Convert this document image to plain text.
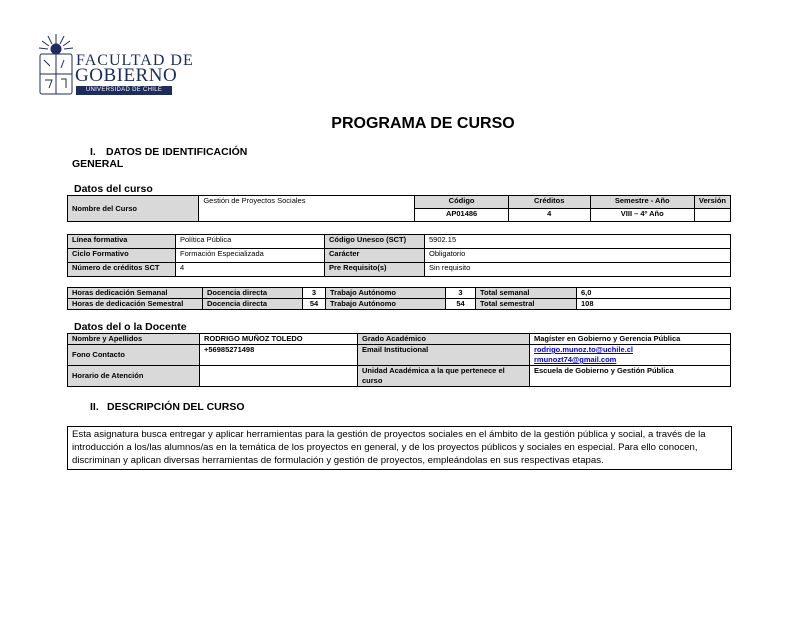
FACULTAD DE
GOBIERNO
UNIVERSIDAD DE CHILE
PROGRAMA DE CURSO
I. DATOS DE IDENTIFICACIÓN
GENERAL
Datos del curso
Nombre del Curso	Gestión de Proyectos Sociales	Código	Créditos	Semestre - Año	Versión
		AP01486	4	VIII – 4º Año	
Línea formativa	Política Pública	Código Unesco (SCT)	5902.15
Ciclo Formativo	Formación Especializada	Carácter	Obligatorio
Número de créditos SCT	4	Pre Requisito(s)	Sin requisito
Horas dedicación Semanal	Docencia directa	3	Trabajo Autónomo	3	Total semanal	6,0
Horas de dedicación Semestral	Docencia directa	54	Trabajo Autónomo	54	Total semestral	108
Datos del o la Docente
Nombre y Apellidos	RODRIGO MUÑOZ TOLEDO	Grado Académico	Magíster en Gobierno y Gerencia Pública
Fono Contacto	+56985271498	Email Institucional	rodrigo.munoz.to@uchile.cl
rmunozt74@gmail.com
Horario de Atención		Unidad Académica a la que pertenece el curso	Escuela de Gobierno y Gestión Pública
II. DESCRIPCIÓN DEL CURSO
Esta asignatura busca entregar y aplicar herramientas para la gestión de proyectos sociales en el ámbito de la gestión pública y social, a través de la introducción a los/las alumnos/as en la temática de los proyectos en general, y de los proyectos públicos y sociales en especial. Para ello conocen, discriminan y aplican diversas herramientas de formulación y gestión de proyectos, empleándolas en sus respectivas etapas.
